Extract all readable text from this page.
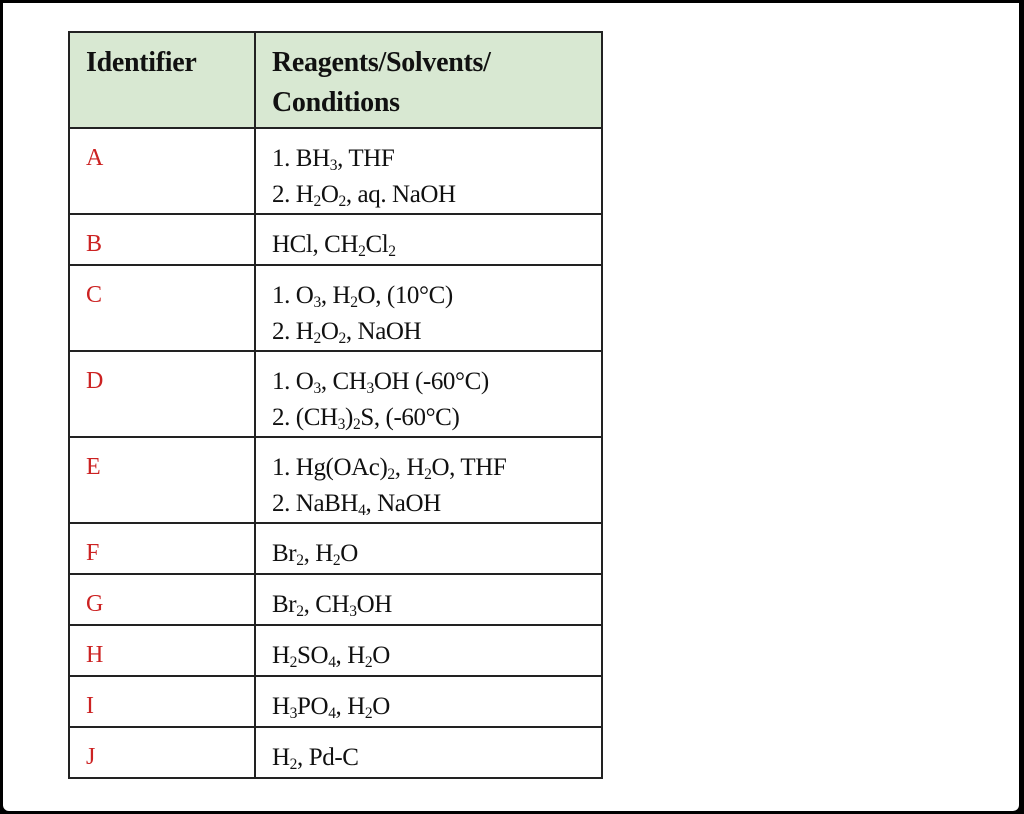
Identifier	Reagents/Solvents/
Conditions

A	1. $BH_3$, THF
2. $H_2O_2$, aq. NaOH

B	HCl, $CH_2Cl_2$

C	1. $O_3$, $H_2O$, (10°C)
2. $H_2O_2$, NaOH

D	1. $O_3$, $CH_3OH$ (-60°C)
2. $(CH_3)_2S$, (-60°C)

E	1. $Hg(OAc)_2$, $H_2O$, THF
2. NaBH$_4$, NaOH

F	$Br_2$, $H_2O$

G	$Br_2$, $CH_3OH$

H	$H_2SO_4$, $H_2O$

I	$H_3PO_4$, $H_2O$

J	$H_2$, Pd-C
